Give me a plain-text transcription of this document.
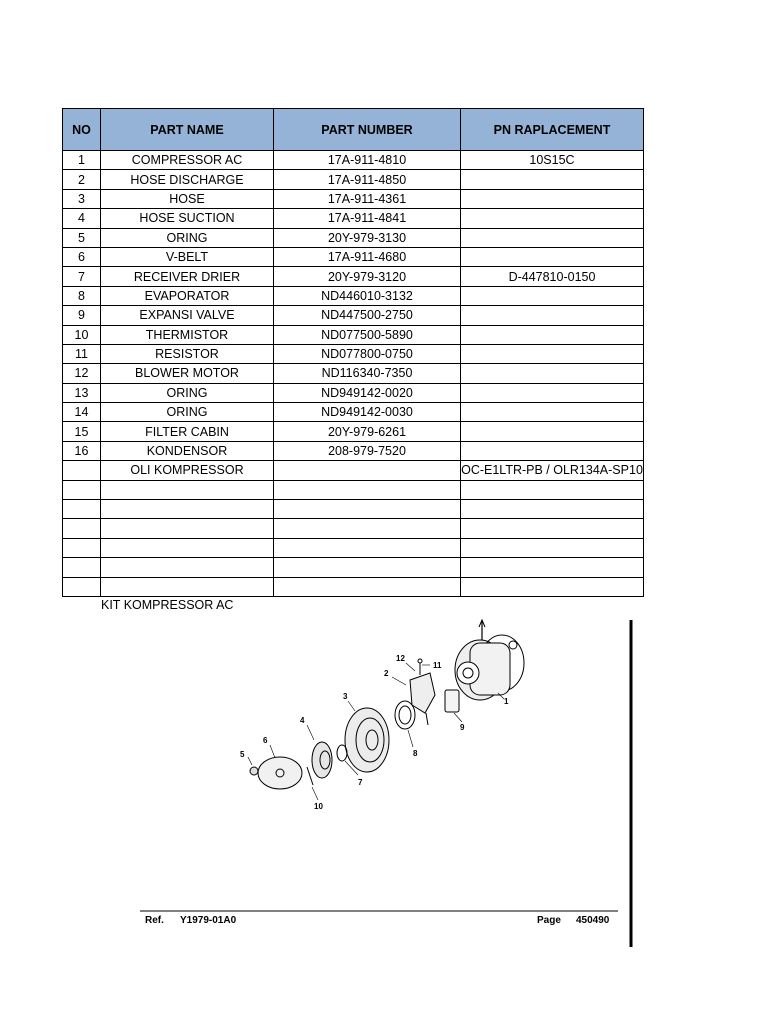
NO	PART NAME	PART NUMBER	PN RAPLACEMENT
1	COMPRESSOR AC	17A-911-4810	10S15C
2	HOSE DISCHARGE	17A-911-4850	
3	HOSE	17A-911-4361	
4	HOSE SUCTION	17A-911-4841	
5	ORING	20Y-979-3130	
6	V-BELT	17A-911-4680	
7	RECEIVER DRIER	20Y-979-3120	D-447810-0150
8	EVAPORATOR	ND446010-3132	
9	EXPANSI VALVE	ND447500-2750	
10	THERMISTOR	ND077500-5890	
11	RESISTOR	ND077800-0750	
12	BLOWER MOTOR	ND116340-7350	
13	ORING	ND949142-0020	
14	ORING	ND949142-0030	
15	FILTER CABIN	20Y-979-6261	
16	KONDENSOR	208-979-7520	
	OLI KOMPRESSOR		OC-E1LTR-PB / OLR134A-SP10

KIT KOMPRESSOR AC
1
2
3
4
5
6
7
8
9
10
11
12
Ref. Y1979-01A0	Page 450490
